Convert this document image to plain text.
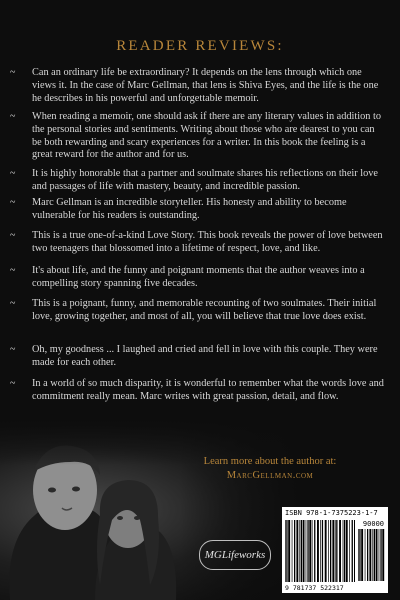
READER REVIEWS:
~ Can an ordinary life be extraordinary? It depends on the lens through which one views it. In the case of Marc Gellman, that lens is Shiva Eyes, and the life is the one he describes in his powerful and unforgettable memoir.

~ When reading a memoir, one should ask if there are any literary values in addition to the personal stories and sentiments. Writing about those who are dearest to you can be both rewarding and scary experiences for a writer. In this book the feeling is a great reward for the author and for us.

~ It is highly honorable that a partner and soulmate shares his reflections on their love and passages of life with mastery, beauty, and incredible passion.

~ Marc Gellman is an incredible storyteller. His honesty and ability to become vulnerable for his readers is outstanding.

~ This is a true one-of-a-kind Love Story. This book reveals the power of love between two teenagers that blossomed into a lifetime of respect, love, and like.

~ It's about life, and the funny and poignant moments that the author weaves into a compelling story spanning five decades.

~ This is a poignant, funny, and memorable recounting of two soulmates. Their initial love, growing together, and most of all, you will believe that true love does exist.

~ Oh, my goodness ... I laughed and cried and fell in love with this couple. They were made for each other.

~ In a world of so much disparity, it is wonderful to remember what the words love and commitment really mean. Marc writes with great passion, detail, and flow.

Learn more about the author at:
MarcGellman.com
MGLifeworks
ISBN 978-1-7375223-1-7
90000
9 781737 522317
